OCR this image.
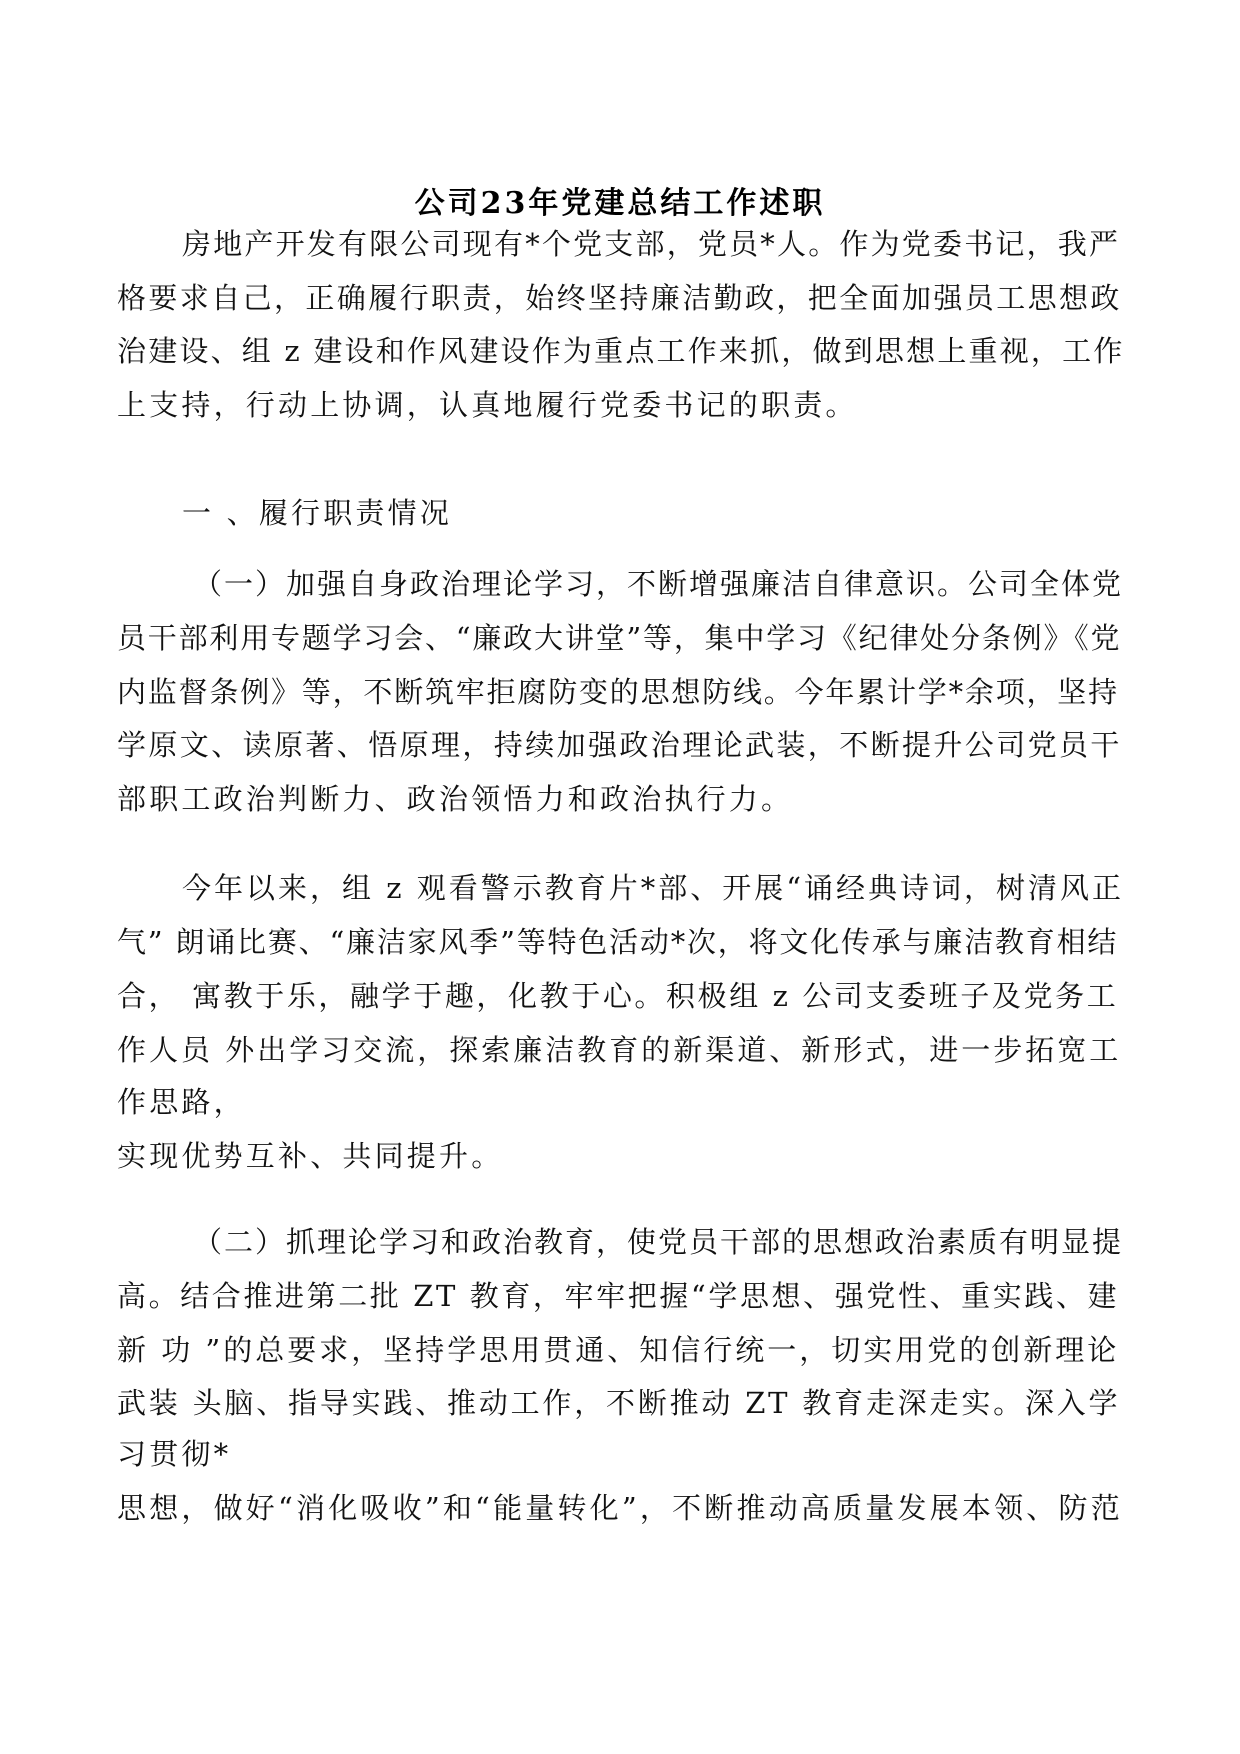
公司23年党建总结工作述职
房地产开发有限公司现有*个党支部，党员*人。作为党委书记，我严
格要求自己，正确履行职责，始终坚持廉洁勤政，把全面加强员工思想政
治建设、组 z 建设和作风建设作为重点工作来抓，做到思想上重视，工作
上支持，行动上协调，认真地履行党委书记的职责。
一 、履行职责情况
（一）加强自身政治理论学习，不断增强廉洁自律意识。公司全体党
员干部利用专题学习会、“廉政大讲堂”等，集中学习《纪律处分条例》《党
内监督条例》等，不断筑牢拒腐防变的思想防线。今年累计学*余项，坚持
学原文、读原著、悟原理，持续加强政治理论武装，不断提升公司党员干
部职工政治判断力、政治领悟力和政治执行力。
今年以来，组 z 观看警示教育片*部、开展“诵经典诗词，树清风正
气” 朗诵比赛、“廉洁家风季”等特色活动*次，将文化传承与廉洁教育相结
合， 寓教于乐，融学于趣，化教于心。积极组 z 公司支委班子及党务工
作人员 外出学习交流，探索廉洁教育的新渠道、新形式，进一步拓宽工
作思路，
实现优势互补、共同提升。
（二）抓理论学习和政治教育，使党员干部的思想政治素质有明显提
高。结合推进第二批 ZT 教育，牢牢把握“学思想、强党性、重实践、建
新 功 ”的总要求，坚持学思用贯通、知信行统一，切实用党的创新理论
武装 头脑、指导实践、推动工作，不断推动 ZT 教育走深走实。深入学
习贯彻*
思想，做好“消化吸收”和“能量转化”，不断推动高质量发展本领、防范
